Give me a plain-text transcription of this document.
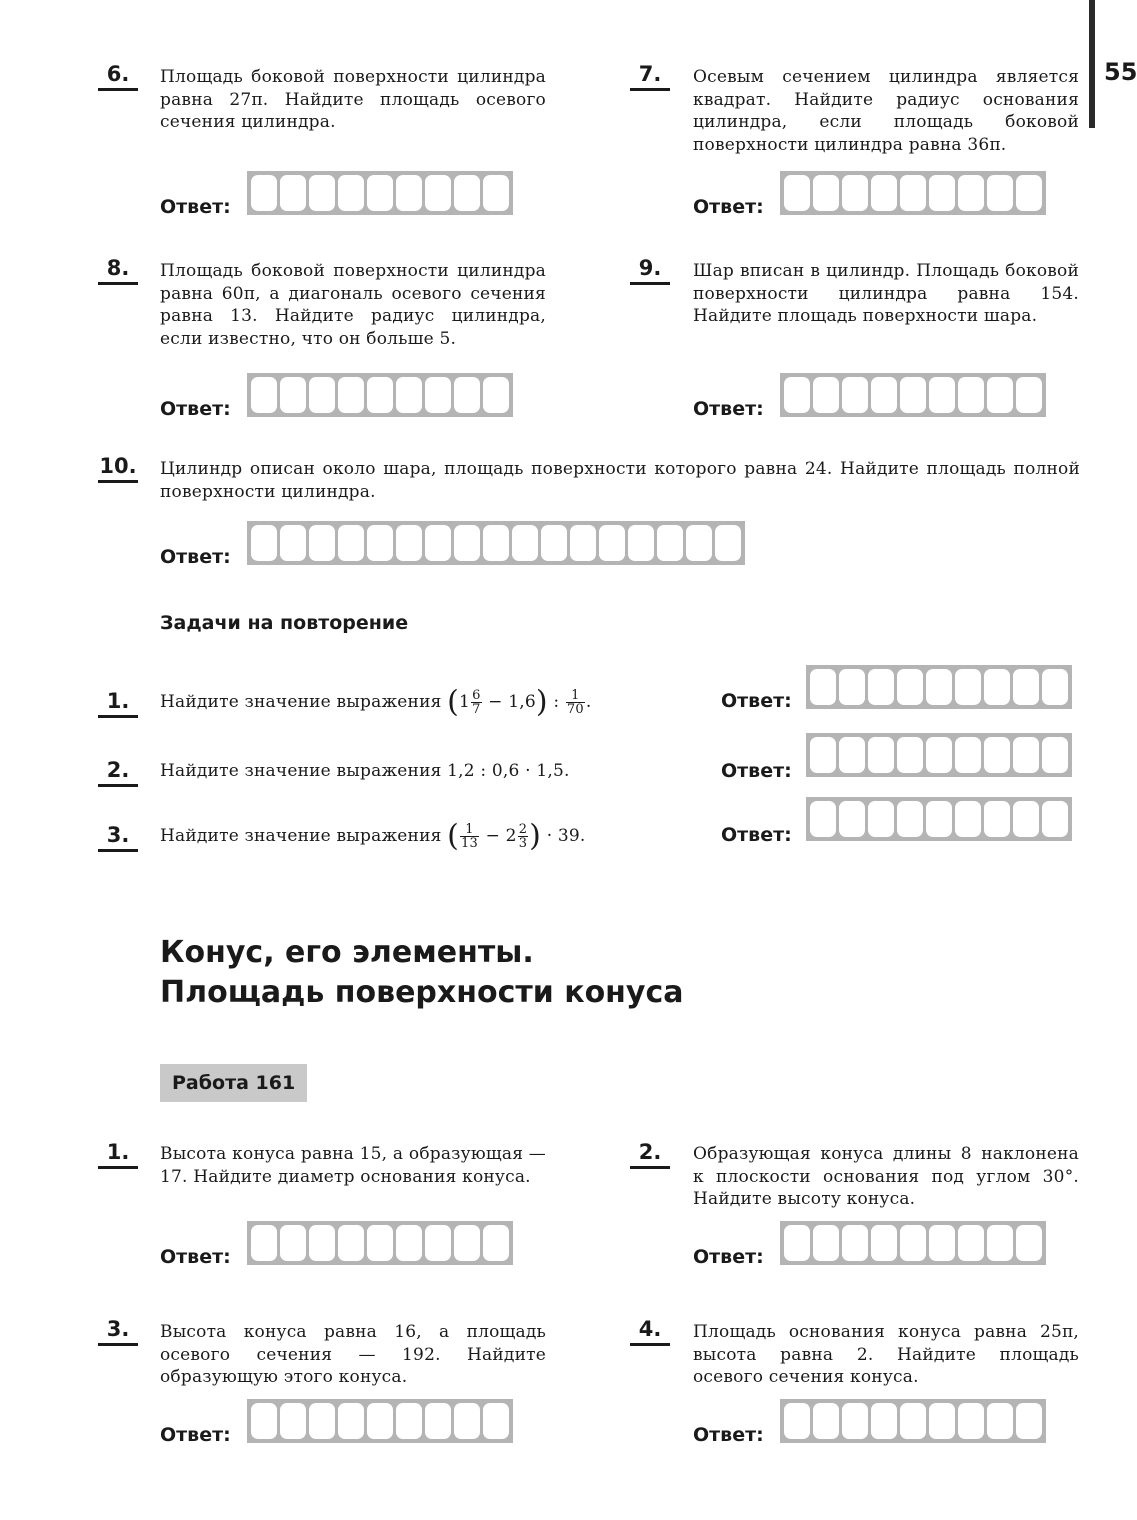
55
6.	Площадь боковой поверхности цилиндра равна 27π. Найдите площадь осевого сечения цилиндра.
Ответ:
7.	Осевым сечением цилиндра является квадрат. Найдите радиус основания цилиндра, если площадь боковой поверхности цилиндра равна 36π.
Ответ:
8.	Площадь боковой поверхности цилиндра равна 60π, а диагональ осевого сечения равна 13. Найдите радиус цилиндра, если известно, что он больше 5.
Ответ:
9.	Шар вписан в цилиндр. Площадь боковой поверхности цилиндра равна 154. Найдите площадь поверхности шара.
Ответ:
10. Цилиндр описан около шара, площадь поверхности которого равна 24. Найдите площадь полной поверхности цилиндра.
Ответ:
Задачи на повторение
1.	Найдите значение выражения $(1 \frac{6}{7} - 1,6)$ : $\frac{1}{70}$ .	Ответ:
2.	Найдите значение выражения 1,2 : 0,6 · 1,5.	Ответ:
3.	Найдите значение выражения ( $\frac{1}{13} - 2 \frac{2}{3}$ ) · 39.	Ответ:
Конус, его элементы.
Площадь поверхности конуса
Работа 161
1.	Высота конуса равна 15, а образующая — 17. Найдите диаметр основания конуса.
Ответ:
2.	Образующая конуса длины 8 наклонена к плоскости основания под углом 30°. Найдите высоту конуса.
Ответ:
3.	Высота конуса равна 16, а площадь осевого сечения — 192. Найдите образующую этого конуса.
Ответ:
4.	Площадь основания конуса равна 25π, высота равна 2. Найдите площадь осевого сечения конуса.
Ответ:
